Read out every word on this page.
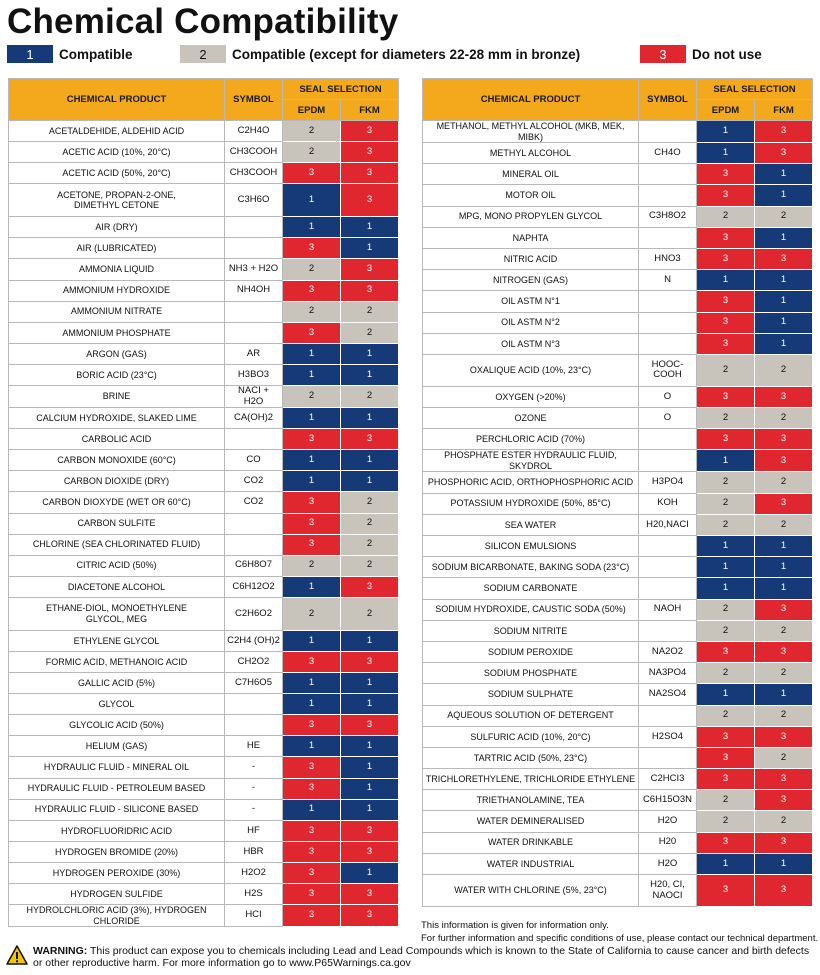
Chemical Compatibility
1	Compatible	2	Compatible (except for diameters 22-28 mm in bronze)	3	Do not use
CHEMICAL PRODUCT	SYMBOL	SEAL SELECTION	
		EPDM	FKM
ACETALDEHIDE, ALDEHID ACID	C2H4O	2	3
ACETIC ACID (10%, 20°C)	CH3COOH	2	3
ACETIC ACID (50%, 20°C)	CH3COOH	3	3
ACETONE, PROPAN-2-ONE,
DIMETHYL CETONE	C3H6O	1	3
AIR (DRY)		1	1
AIR (LUBRICATED)		3	1
AMMONIA LIQUID	NH3 + H2O	2	3
AMMONIUM HYDROXIDE	NH4OH	3	3
AMMONIUM NITRATE		2	2
AMMONIUM PHOSPHATE		3	2
ARGON (GAS)	AR	1	1
BORIC ACID (23°C)	H3BO3	1	1
BRINE	NACI + H2O	2	2
CALCIUM HYDROXIDE, SLAKED LIME	CA(OH)2	1	1
CARBOLIC ACID		3	3
CARBON MONOXIDE (60°C)	CO	1	1
CARBON DIOXIDE (DRY)	CO2	1	1
CARBON DIOXYDE (WET OR 60°C)	CO2	3	2
CARBON SULFITE		3	2
CHLORINE (SEA CHLORINATED FLUID)		3	2
CITRIC ACID (50%)	C6H8O7	2	2
DIACETONE ALCOHOL	C6H12O2	1	3
ETHANE-DIOL, MONOETHYLENE
GLYCOL, MEG	C2H6O2	2	2
ETHYLENE GLYCOL	C2H4 (OH)2	1	1
FORMIC ACID, METHANOIC ACID	CH2O2	3	3
GALLIC ACID (5%)	C7H6O5	1	1
GLYCOL		1	1
GLYCOLIC ACID (50%)		3	3
HELIUM (GAS)	HE	1	1
HYDRAULIC FLUID - MINERAL OIL	-	3	1
HYDRAULIC FLUID - PETROLEUM BASED	-	3	1
HYDRAULIC FLUID - SILICONE BASED	-	1	1
HYDROFLUORIDRIC ACID	HF	3	3
HYDROGEN BROMIDE (20%)	HBR	3	3
HYDROGEN PEROXIDE (30%)	H2O2	3	1
HYDROGEN SULFIDE	H2S	3	3
HYDROLCHLORIC ACID (3%), HYDROGEN CHLORIDE	HCI	3	3
CHEMICAL PRODUCT	SYMBOL	SEAL SELECTION	
		EPDM	FKM
METHANOL, METHYL ALCOHOL (MKB, MEK, MIBK)		1	3
METHYL ALCOHOL	CH4O	1	3
MINERAL OIL		3	1
MOTOR OIL		3	1
MPG, MONO PROPYLEN GLYCOL	C3H8O2	2	2
NAPHTA		3	1
NITRIC ACID	HNO3	3	3
NITROGEN (GAS)	N	1	1
OIL ASTM N°1		3	1
OIL ASTM N°2		3	1
OIL ASTM N°3		3	1
OXALIQUE ACID (10%, 23°C)	HOOC-
COOH	2	2
OXYGEN (>20%)	O	3	3
OZONE	O	2	2
PERCHLORIC ACID (70%)		3	3
PHOSPHATE ESTER HYDRAULIC FLUID, SKYDROL		1	3
PHOSPHORIC ACID, ORTHOPHOSPHORIC ACID	H3PO4	2	2
POTASSIUM HYDROXIDE (50%, 85°C)	KOH	2	3
SEA WATER	H20,NACI	2	2
SILICON EMULSIONS		1	1
SODIUM BICARBONATE, BAKING SODA (23°C)		1	1
SODIUM CARBONATE		1	1
SODIUM HYDROXIDE, CAUSTIC SODA (50%)	NAOH	2	3
SODIUM NITRITE		2	2
SODIUM PEROXIDE	NA2O2	3	3
SODIUM PHOSPHATE	NA3PO4	2	2
SODIUM SULPHATE	NA2SO4	1	1
AQUEOUS SOLUTION OF DETERGENT		2	2
SULFURIC ACID (10%, 20°C)	H2SO4	3	3
TARTRIC ACID (50%, 23°C)		3	2
TRICHLORETHYLENE, TRICHLORIDE ETHYLENE	C2HCI3	3	3
TRIETHANOLAMINE, TEA	C6H15O3N	2	3
WATER DEMINERALISED	H2O	2	2
WATER DRINKABLE	H20	3	3
WATER INDUSTRIAL	H2O	1	1
WATER WITH CHLORINE (5%, 23°C)	H20, CI,
NAOCI	3	3
This information is given for information only.
For further information and specific conditions of use, please contact our technical department.
WARNING: This product can expose you to chemicals including Lead and Lead Compounds which is known to the State of California to cause cancer and birth defects or other reproductive harm. For more information go to www.P65Warnings.ca.gov
